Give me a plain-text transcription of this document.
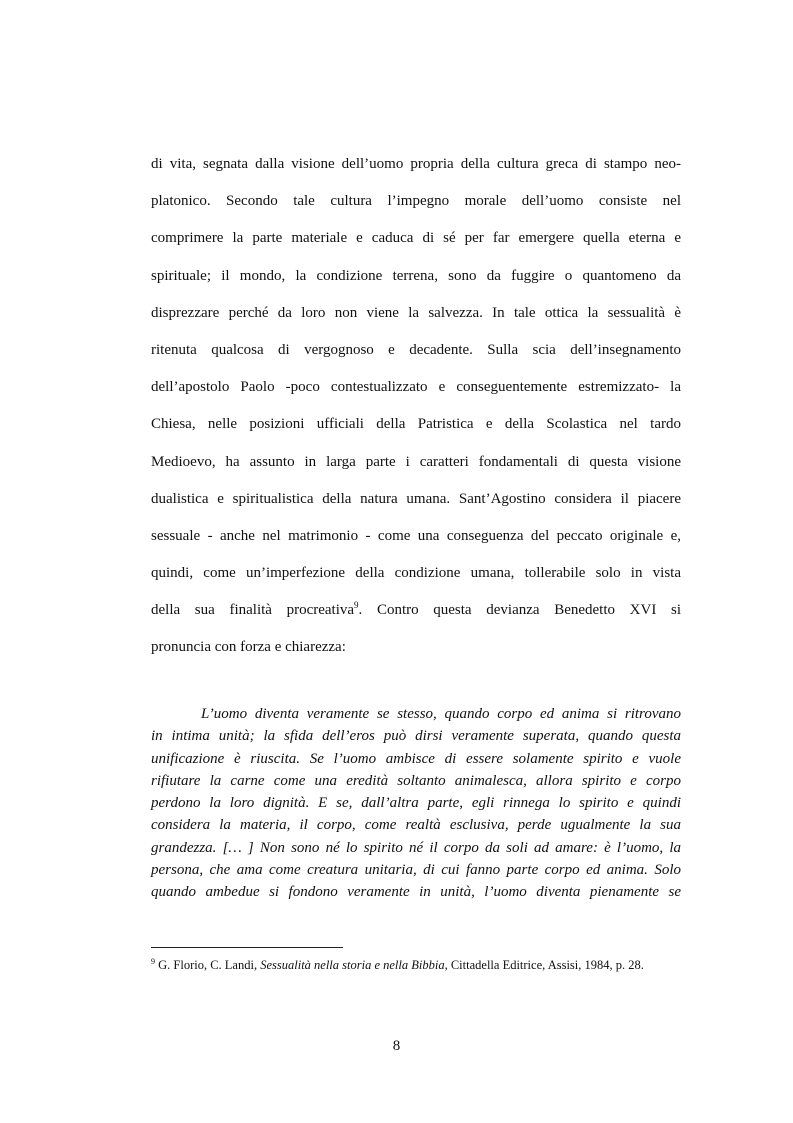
di vita, segnata dalla visione dell’uomo propria della cultura greca di stampo neo-
platonico. Secondo tale cultura l’impegno morale dell’uomo consiste nel
comprimere la parte materiale e caduca di sé per far emergere quella eterna e
spirituale; il mondo, la condizione terrena, sono da fuggire o quantomeno da
disprezzare perché da loro non viene la salvezza. In tale ottica la sessualità è
ritenuta qualcosa di vergognoso e decadente. Sulla scia dell’insegnamento
dell’apostolo Paolo -poco contestualizzato e conseguentemente estremizzato- la
Chiesa, nelle posizioni ufficiali della Patristica e della Scolastica nel tardo
Medioevo, ha assunto in larga parte i caratteri fondamentali di questa visione
dualistica e spiritualistica della natura umana. Sant’Agostino considera il piacere
sessuale - anche nel matrimonio - come una conseguenza del peccato originale e,
quindi, come un’imperfezione della condizione umana, tollerabile solo in vista
della sua finalità procreativa$^9$. Contro questa devianza Benedetto XVI si
pronuncia con forza e chiarezza:
L’uomo diventa veramente se stesso, quando corpo ed anima si ritrovano
in intima unità; la sfida dell’eros può dirsi veramente superata, quando questa
unificazione è riuscita. Se l’uomo ambisce di essere solamente spirito e vuole
rifiutare la carne come una eredità soltanto animalesca, allora spirito e corpo
perdono la loro dignità. E se, dall’altra parte, egli rinnega lo spirito e quindi
considera la materia, il corpo, come realtà esclusiva, perde ugualmente la sua
grandezza. [… ] Non sono né lo spirito né il corpo da soli ad amare: è l’uomo, la
persona, che ama come creatura unitaria, di cui fanno parte corpo ed anima. Solo
quando ambedue si fondono veramente in unità, l’uomo diventa pienamente se
$^9$ G. Florio, C. Landi, Sessualità nella storia e nella Bibbia, Cittadella Editrice, Assisi, 1984, p. 28.
8
